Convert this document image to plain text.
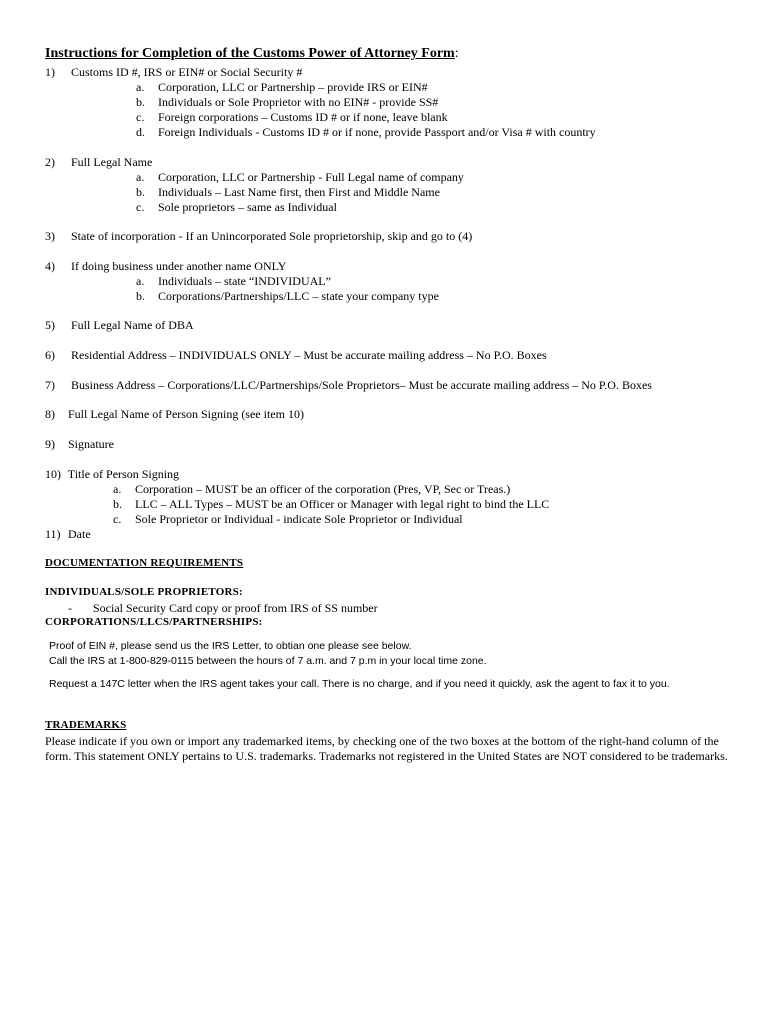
Instructions for Completion of the Customs Power of Attorney Form:
1) Customs ID #, IRS or EIN# or Social Security #
a. Corporation, LLC or Partnership – provide IRS or EIN#
b. Individuals or Sole Proprietor with no EIN# - provide SS#
c. Foreign corporations – Customs ID # or if none, leave blank
d. Foreign Individuals - Customs ID # or if none, provide Passport and/or Visa # with country
2) Full Legal Name
a. Corporation, LLC or Partnership - Full Legal name of company
b. Individuals – Last Name first, then First and Middle Name
c. Sole proprietors – same as Individual
3) State of incorporation - If an Unincorporated Sole proprietorship, skip and go to (4)
4) If doing business under another name ONLY
a. Individuals – state “INDIVIDUAL”
b. Corporations/Partnerships/LLC – state your company type
5) Full Legal Name of DBA
6) Residential Address – INDIVIDUALS ONLY – Must be accurate mailing address – No P.O. Boxes
7) Business Address – Corporations/LLC/Partnerships/Sole Proprietors– Must be accurate mailing address – No P.O. Boxes
8) Full Legal Name of Person Signing (see item 10)
9) Signature
10) Title of Person Signing
a. Corporation – MUST be an officer of the corporation (Pres, VP, Sec or Treas.)
b. LLC – ALL Types – MUST be an Officer or Manager with legal right to bind the LLC
c. Sole Proprietor or Individual - indicate Sole Proprietor or Individual
11) Date
DOCUMENTATION REQUIREMENTS
INDIVIDUALS/SOLE PROPRIETORS:
- Social Security Card copy or proof from IRS of SS number
CORPORATIONS/LLCS/PARTNERSHIPS:
Proof of EIN #, please send us the IRS Letter, to obtian one please see below.
Call the IRS at 1-800-829-0115 between the hours of 7 a.m. and 7 p.m in your local time zone.
Request a 147C letter when the IRS agent takes your call. There is no charge, and if you need it quickly, ask the agent to fax it to you.
TRADEMARKS
Please indicate if you own or import any trademarked items, by checking one of the two boxes at the bottom of the right-hand column of the form. This statement ONLY pertains to U.S. trademarks. Trademarks not registered in the United States are NOT considered to be trademarks.
